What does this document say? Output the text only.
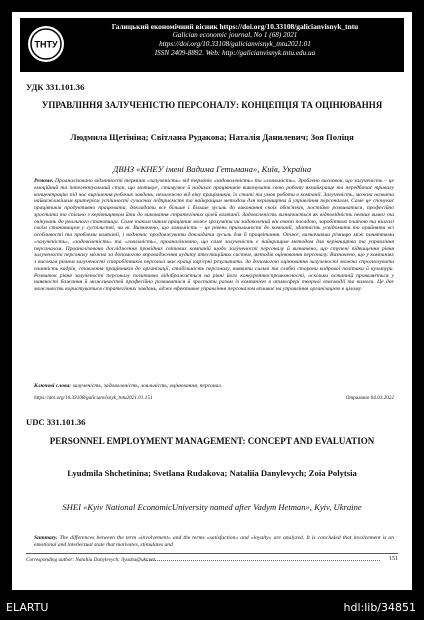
ТНТУ
Галицький економічний вісник https://doi.org/10.33108/galicianvisnyk_tntu
Galician economic journal, No 1 (68) 2021
https://doi.org/10.33108/galicianvisnyk_tntu2021.01
ISSN 2409-8892. Web: http://galicianvisnyk.tntu.edu.ua
УДК 331.101.36
УПРАВЛІННЯ ЗАЛУЧЕНІСТЮ ПЕРСОНАЛУ: КОНЦЕПЦІЯ ТА ОЦІНЮВАННЯ
Людмила Щетініна; Світлана Рудакова; Наталія Данилевич; Зоя Поліця
ДВНЗ «КНЕУ імені Вадима Гетьмана», Київ, Україна
Резюме. Проаналізовано відмінності термінів «залученість» від термінів «задоволеність» та «лояльність». Зроблено висновок, що залученість – це емоційний та інтелектуальний стан, що мотивує, стимулює й надихає працівників виконувати свою роботу якнайкраще та передбачає тривалу концентрацію під час вирішення робочих завдань, незалежно від віку працівників, їх статі та умов роботи в компанії. Залученість, можна назвати найважливішим критерієм успішності сучасних підприємств та найкращим методом для керівництва й управління персоналом. Саме це спонукає працівників продуктивно працювати, докладати все більше і більше зусиль до виконання своїх обов'язків, постійно розвиватися, професійно зростати та спільно з керівництвом йти до виконання стратегічних цілей компанії. Задоволеність визначається як відповідність певних вимог та очікувань до реального становища. Саме таким чином працівник може зрозуміти чи задоволений він своєю посадою, заробітною платою та взагалі своїм становищем у суспільстві, чи ні. Визначено, що лояльність – це рівень прихильності до компанії, здатність усвідомити та прийняти всі особливості та проблеми компанії, і водночас продовжувати докладати зусиль для її процвітання. Отже, визначивши різницю між поняттями «залученість», «задоволеність» та «лояльність», проаналізовано, що саме залученість є найкращим методом для керівництва та управління персоналом. Проаналізовано дослідження провідних світових компаній щодо залученості персоналу й визначено, що ступені підвищення рівня залученості персоналу можна за допомогою впровадження аудиту атестаційних систем, методів оцінювання персоналу. Визначено, що у компаніях з високим рівнем залученості співробітників персонал має кращі кар'єрні результати. За допомогою оцінювання залученості можна спрогнозувати плинність кадрів, ставлення працівників до організації, стабільність персоналу, виявити сильні та слабкі сторони кадрової політики й культури. Розвиток рівня залученості персоналу позитивно відображається на рівні його конкурентоспроможності, оскільки останній проявляється у наявності бажання й можливостей професійно розвиватися й зростати разом із компанією в атмосфері творчої взаємодії та вимоги. Це дає можливість користуватися стратегічних завдань, адже ефективне управління персоналом впливає на управління організацією в цілому.
Ключові слова: залученість, задоволеність, лояльність, оцінювання, персонал.
https://doi.org/10.33108/galicianvisnyk_tntu2021.01.151	Отримано 04.03.2022
UDC 331.101.36
PERSONNEL EMPLOYMENT MANAGEMENT: CONCEPT AND EVALUATION
Lyudmila Shchetinina; Svetlana Rudakova; Nataliia Danylevych; Zoia Polytsia
SHEI «Kyiv National EconomicUniversity named after Vadym Hetman», Kyiv, Ukraine
Summary. The differences between the term «involvement» and the terms «satisfaction» and «loyalty» are analyzed. It is concluded that involvement is an emotional and intellectual state that motivates, stimulates and
Corresponding author: Nataliia Danylevych; ilyusha@ukr.net	151
ELARTU	hdl:lib/34851
